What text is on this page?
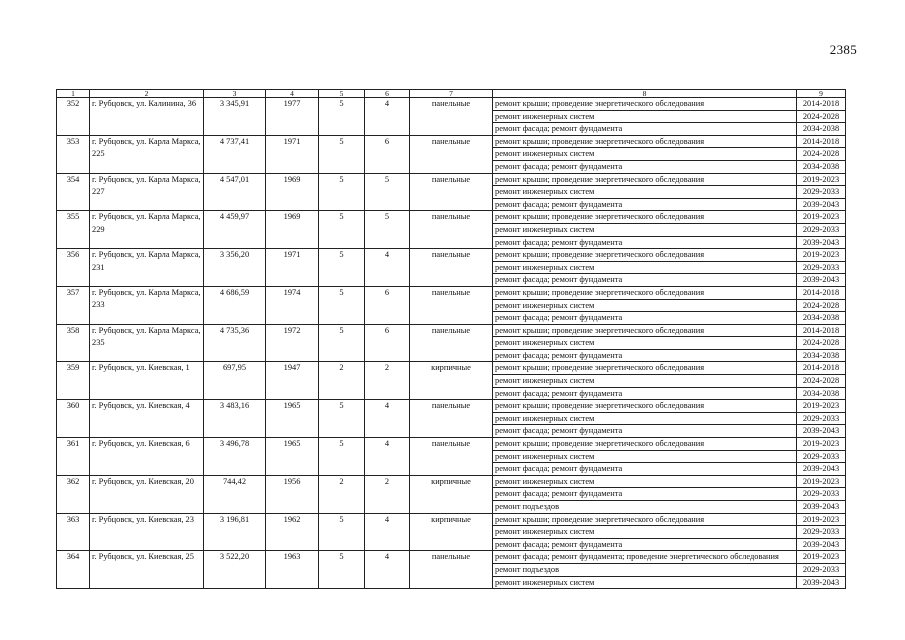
2385
1	2	3	4	5	6	7	8	9
352	г. Рубцовск, ул. Калинина, 36	3 345,91	1977	5	4	панельные	ремонт крыши; проведение энергетического обследования	2014-2018
							ремонт инженерных систем	2024-2028
							ремонт фасада; ремонт фундамента	2034-2038
353	г. Рубцовск, ул. Карла Маркса, 225	4 737,41	1971	5	6	панельные	ремонт крыши; проведение энергетического обследования	2014-2018
							ремонт инженерных систем	2024-2028
							ремонт фасада; ремонт фундамента	2034-2038
354	г. Рубцовск, ул. Карла Маркса, 227	4 547,01	1969	5	5	панельные	ремонт крыши; проведение энергетического обследования	2019-2023
							ремонт инженерных систем	2029-2033
							ремонт фасада; ремонт фундамента	2039-2043
355	г. Рубцовск, ул. Карла Маркса, 229	4 459,97	1969	5	5	панельные	ремонт крыши; проведение энергетического обследования	2019-2023
							ремонт инженерных систем	2029-2033
							ремонт фасада; ремонт фундамента	2039-2043
356	г. Рубцовск, ул. Карла Маркса, 231	3 356,20	1971	5	4	панельные	ремонт крыши; проведение энергетического обследования	2019-2023
							ремонт инженерных систем	2029-2033
							ремонт фасада; ремонт фундамента	2039-2043
357	г. Рубцовск, ул. Карла Маркса, 233	4 686,59	1974	5	6	панельные	ремонт крыши; проведение энергетического обследования	2014-2018
							ремонт инженерных систем	2024-2028
							ремонт фасада; ремонт фундамента	2034-2038
358	г. Рубцовск, ул. Карла Маркса, 235	4 735,36	1972	5	6	панельные	ремонт крыши; проведение энергетического обследования	2014-2018
							ремонт инженерных систем	2024-2028
							ремонт фасада; ремонт фундамента	2034-2038
359	г. Рубцовск, ул. Киевская, 1	697,95	1947	2	2	кирпичные	ремонт крыши; проведение энергетического обследования	2014-2018
							ремонт инженерных систем	2024-2028
							ремонт фасада; ремонт фундамента	2034-2038
360	г. Рубцовск, ул. Киевская, 4	3 483,16	1965	5	4	панельные	ремонт крыши; проведение энергетического обследования	2019-2023
							ремонт инженерных систем	2029-2033
							ремонт фасада; ремонт фундамента	2039-2043
361	г. Рубцовск, ул. Киевская, 6	3 496,78	1965	5	4	панельные	ремонт крыши; проведение энергетического обследования	2019-2023
							ремонт инженерных систем	2029-2033
							ремонт фасада; ремонт фундамента	2039-2043
362	г. Рубцовск, ул. Киевская, 20	744,42	1956	2	2	кирпичные	ремонт инженерных систем	2019-2023
							ремонт фасада; ремонт фундамента	2029-2033
							ремонт подъездов	2039-2043
363	г. Рубцовск, ул. Киевская, 23	3 196,81	1962	5	4	кирпичные	ремонт крыши; проведение энергетического обследования	2019-2023
							ремонт инженерных систем	2029-2033
							ремонт фасада; ремонт фундамента	2039-2043
364	г. Рубцовск, ул. Киевская, 25	3 522,20	1963	5	4	панельные	ремонт фасада; ремонт фундамента; проведение энергетического обследования	2019-2023
							ремонт подъездов	2029-2033
							ремонт инженерных систем	2039-2043
